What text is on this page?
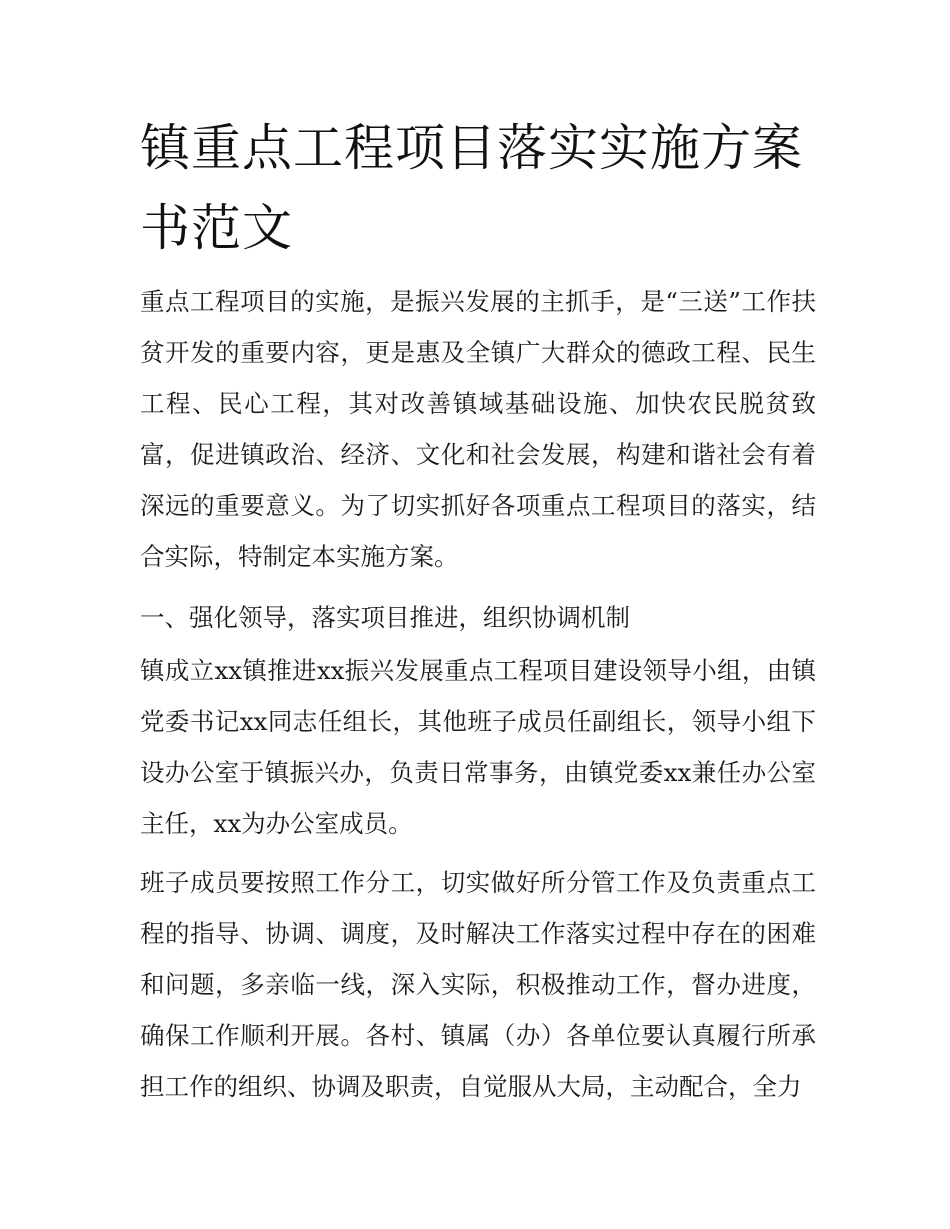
镇重点工程项目落实实施方案书范文

重点工程项目的实施，是振兴发展的主抓手，是“三送”工作扶贫开发的重要内容，更是惠及全镇广大群众的德政工程、民生工程、民心工程，其对改善镇域基础设施、加快农民脱贫致富，促进镇政治、经济、文化和社会发展，构建和谐社会有着深远的重要意义。为了切实抓好各项重点工程项目的落实，结合实际，特制定本实施方案。

一、强化领导，落实项目推进，组织协调机制

镇成立xx镇推进xx振兴发展重点工程项目建设领导小组，由镇党委书记xx同志任组长，其他班子成员任副组长，领导小组下设办公室于镇振兴办，负责日常事务，由镇党委xx兼任办公室主任，xx为办公室成员。

班子成员要按照工作分工，切实做好所分管工作及负责重点工程的指导、协调、调度，及时解决工作落实过程中存在的困难和问题，多亲临一线，深入实际，积极推动工作，督办进度，确保工作顺利开展。各村、镇属（办）各单位要认真履行所承担工作的组织、协调及职责，自觉服从大局，主动配合，全力
